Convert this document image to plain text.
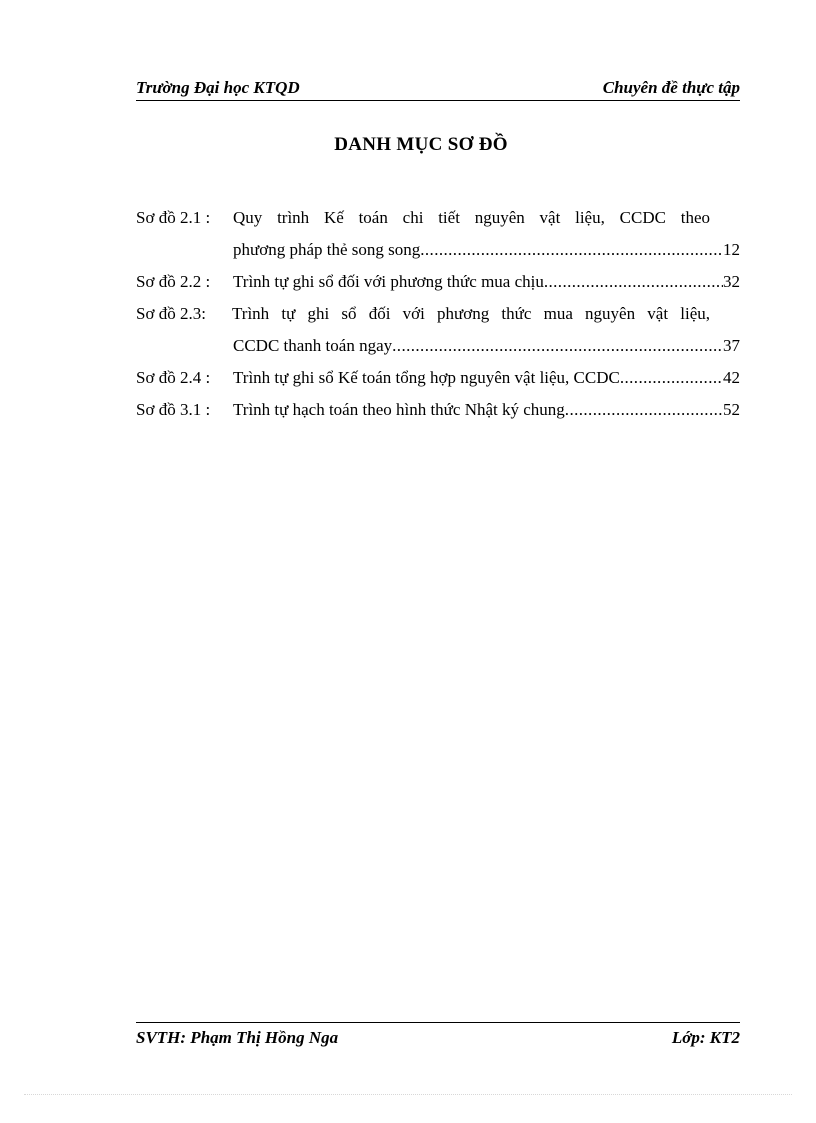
Trường Đại học KTQD	Chuyên đề thực tập
DANH MỤC SƠ ĐỒ
Sơ đồ 2.1 :	Quy trình Kế toán chi tiết nguyên vật liệu, CCDC theo
phương pháp thẻ song song .....	12
Sơ đồ 2.2 :	Trình tự ghi sổ đối với phương thức mua chịu .....	32
Sơ đồ 2.3:	Trình tự ghi sổ đối với phương thức mua nguyên vật liệu,
CCDC thanh toán ngay .....	37
Sơ đồ 2.4 :	Trình tự ghi sổ Kế toán tổng hợp nguyên vật liệu, CCDC .....	42
Sơ đồ 3.1 :	Trình tự hạch toán theo hình thức Nhật ký chung .....	52
SVTH: Phạm Thị Hồng Nga	Lớp: KT2
